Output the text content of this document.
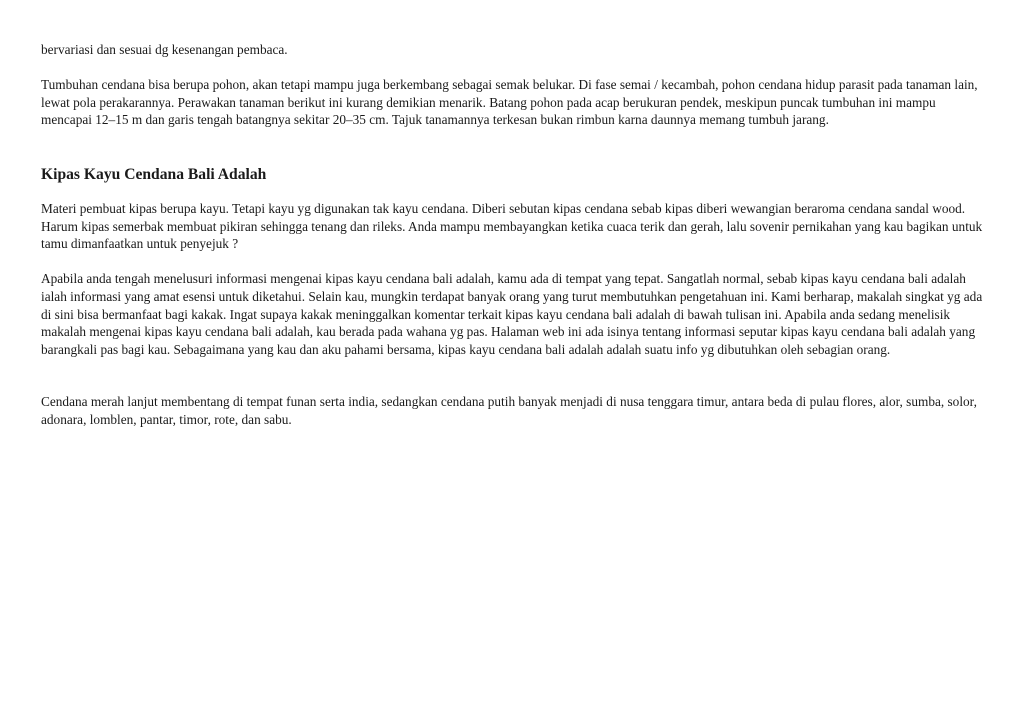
bervariasi dan sesuai dg kesenangan pembaca.

Tumbuhan cendana bisa berupa pohon, akan tetapi mampu juga berkembang sebagai semak belukar. Di fase semai / kecambah, pohon cendana hidup parasit pada tanaman lain, lewat pola perakarannya. Perawakan tanaman berikut ini kurang demikian menarik. Batang pohon pada acap berukuran pendek, meskipun puncak tumbuhan ini mampu mencapai 12–15 m dan garis tengah batangnya sekitar 20–35 cm. Tajuk tanamannya terkesan bukan rimbun karna daunnya memang tumbuh jarang.

Kipas Kayu Cendana Bali Adalah

Materi pembuat kipas berupa kayu. Tetapi kayu yg digunakan tak kayu cendana. Diberi sebutan kipas cendana sebab kipas diberi wewangian beraroma cendana sandal wood. Harum kipas semerbak membuat pikiran sehingga tenang dan rileks. Anda mampu membayangkan ketika cuaca terik dan gerah, lalu sovenir pernikahan yang kau bagikan untuk tamu dimanfaatkan untuk penyejuk ?

Apabila anda tengah menelusuri informasi mengenai kipas kayu cendana bali adalah, kamu ada di tempat yang tepat. Sangatlah normal, sebab kipas kayu cendana bali adalah ialah informasi yang amat esensi untuk diketahui. Selain kau, mungkin terdapat banyak orang yang turut membutuhkan pengetahuan ini. Kami berharap, makalah singkat yg ada di sini bisa bermanfaat bagi kakak. Ingat supaya kakak meninggalkan komentar terkait kipas kayu cendana bali adalah di bawah tulisan ini. Apabila anda sedang menelisik makalah mengenai kipas kayu cendana bali adalah, kau berada pada wahana yg pas. Halaman web ini ada isinya tentang informasi seputar kipas kayu cendana bali adalah yang barangkali pas bagi kau. Sebagaimana yang kau dan aku pahami bersama, kipas kayu cendana bali adalah adalah suatu info yg dibutuhkan oleh sebagian orang.

Cendana merah lanjut membentang di tempat funan serta india, sedangkan cendana putih banyak menjadi di nusa tenggara timur, antara beda di pulau flores, alor, sumba, solor, adonara, lomblen, pantar, timor, rote, dan sabu.
